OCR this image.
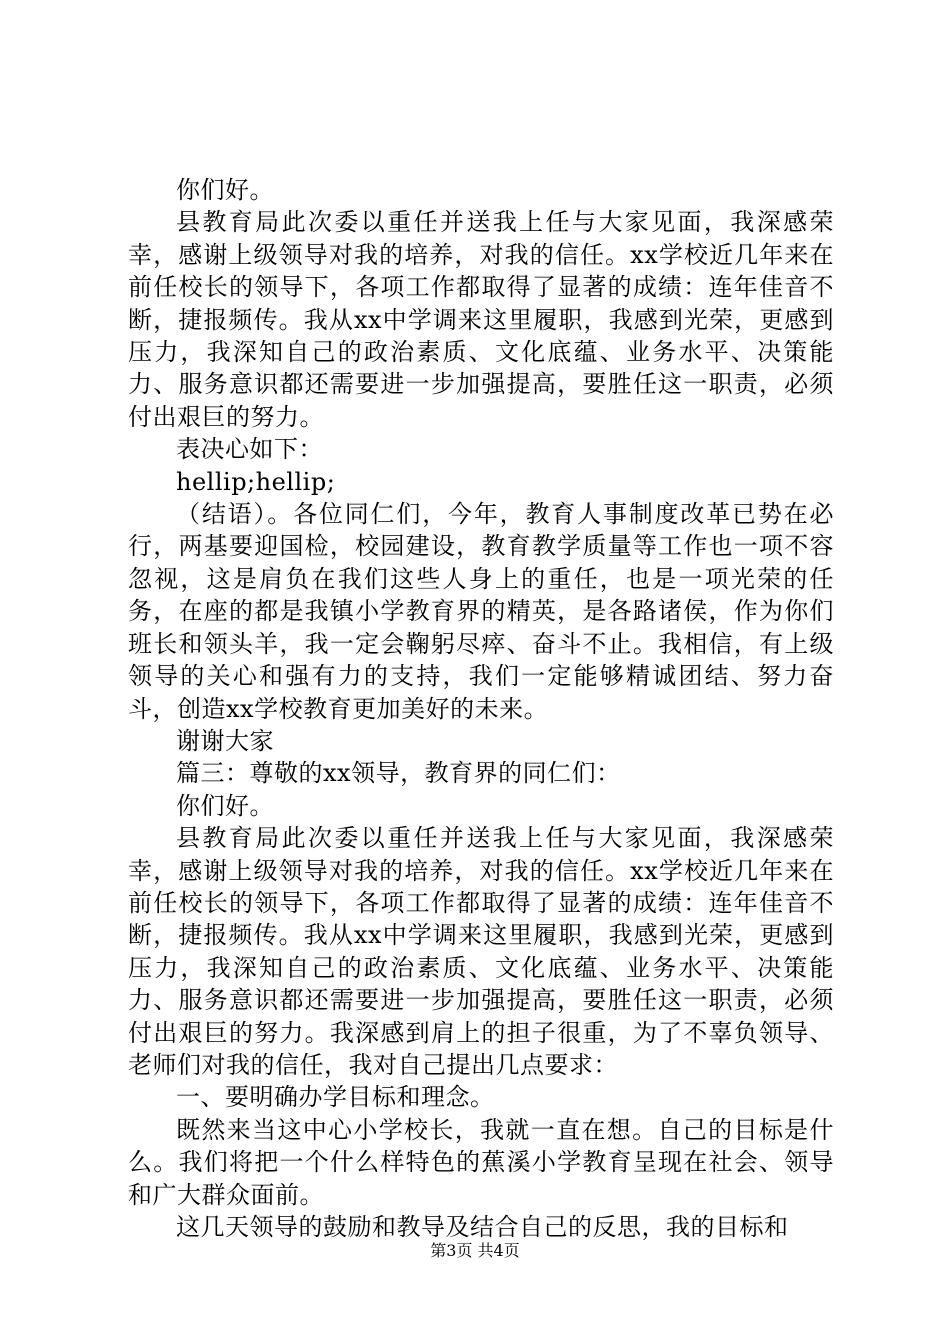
你们好。

县教育局此次委以重任并送我上任与大家见面，我深感荣幸，感谢上级领导对我的培养，对我的信任。xx学校近几年来在前任校长的领导下，各项工作都取得了显著的成绩：连年佳音不断，捷报频传。我从xx中学调来这里履职，我感到光荣，更感到压力，我深知自己的政治素质、文化底蕴、业务水平、决策能力、服务意识都还需要进一步加强提高，要胜任这一职责，必须付出艰巨的努力。

表决心如下：

hellip;hellip;

（结语）。各位同仁们，今年，教育人事制度改革已势在必行，两基要迎国检，校园建设，教育教学质量等工作也一项不容忽视，这是肩负在我们这些人身上的重任，也是一项光荣的任务，在座的都是我镇小学教育界的精英，是各路诸侯，作为你们班长和领头羊，我一定会鞠躬尽瘁、奋斗不止。我相信，有上级领导的关心和强有力的支持，我们一定能够精诚团结、努力奋斗，创造xx学校教育更加美好的未来。

谢谢大家

篇三：尊敬的xx领导，教育界的同仁们：

你们好。

县教育局此次委以重任并送我上任与大家见面，我深感荣幸，感谢上级领导对我的培养，对我的信任。xx学校近几年来在前任校长的领导下，各项工作都取得了显著的成绩：连年佳音不断，捷报频传。我从xx中学调来这里履职，我感到光荣，更感到压力，我深知自己的政治素质、文化底蕴、业务水平、决策能力、服务意识都还需要进一步加强提高，要胜任这一职责，必须付出艰巨的努力。我深感到肩上的担子很重，为了不辜负领导、老师们对我的信任，我对自己提出几点要求：

一、要明确办学目标和理念。

既然来当这中心小学校长，我就一直在想。自己的目标是什么。我们将把一个什么样特色的蕉溪小学教育呈现在社会、领导和广大群众面前。

这几天领导的鼓励和教导及结合自己的反思，我的目标和

第3页 共4页
